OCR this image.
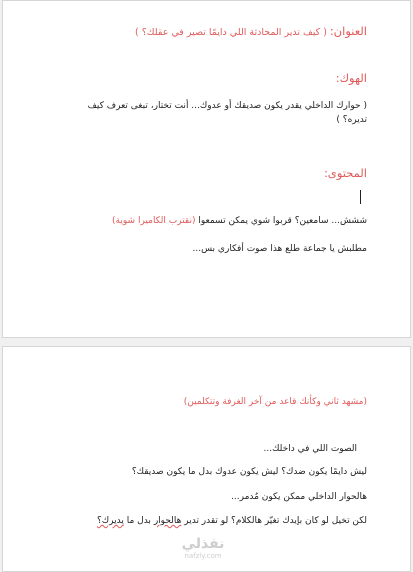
العنوان: ( كيف تدير المحادثة اللي دايمًا تصير في عقلك؟ )
الهوك:
( حوارك الداخلي يقدر يكون صديقك أو عدوك... أنت تختار، تبغى تعرف كيف
تديره؟ )
المحتوى:
ششش... سامعين؟ قربوا شوي يمكن تسمعوا (نقترب الكاميرا شوية)
مطلبش يا جماعة طلع هذا صوت أفكاري بس...
(مشهد ثاني وكأنك قاعد من آخر الغرفة وتتكلمين)
الصوت اللي في داخلك...
ليش دايمًا يكون ضدك؟ ليش يكون عدوك بدل ما يكون صديقك؟
هالحوار الداخلي ممكن يكون مُدمر...
لكن تخيل لو كان بإيدك تغيّر هالكلام؟ لو تقدر تدير هالحوار بدل ما يديرك؟
نفذلي
nafzly.com
